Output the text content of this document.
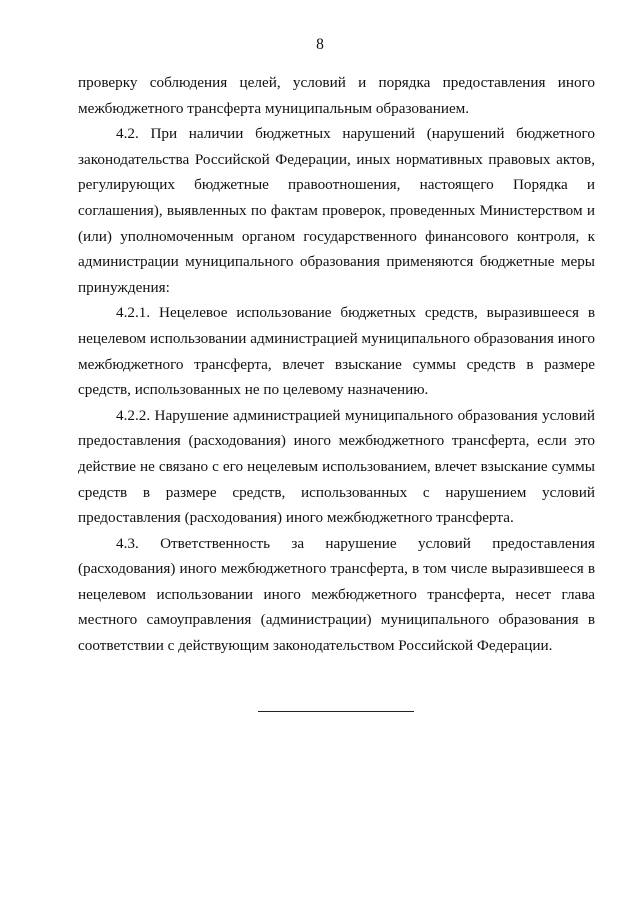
8

проверку соблюдения целей, условий и порядка предоставления иного межбюджетного трансферта муниципальным образованием.

4.2. При наличии бюджетных нарушений (нарушений бюджетного законодательства Российской Федерации, иных нормативных правовых актов, регулирующих бюджетные правоотношения, настоящего Порядка и соглашения), выявленных по фактам проверок, проведенных Министерством и (или) уполномоченным органом государственного финансового контроля, к администрации муниципального образования применяются бюджетные меры принуждения:

4.2.1. Нецелевое использование бюджетных средств, выразившееся в нецелевом использовании администрацией муниципального образования иного межбюджетного трансферта, влечет взыскание суммы средств в размере средств, использованных не по целевому назначению.

4.2.2. Нарушение администрацией муниципального образования условий предоставления (расходования) иного межбюджетного трансферта, если это действие не связано с его нецелевым использованием, влечет взыскание суммы средств в размере средств, использованных с нарушением условий предоставления (расходования) иного межбюджетного трансферта.

4.3. Ответственность за нарушение условий предоставления (расходования) иного межбюджетного трансферта, в том числе выразившееся в нецелевом использовании иного межбюджетного трансферта, несет глава местного самоуправления (администрации) муниципального образования в соответствии с действующим законодательством Российской Федерации.
